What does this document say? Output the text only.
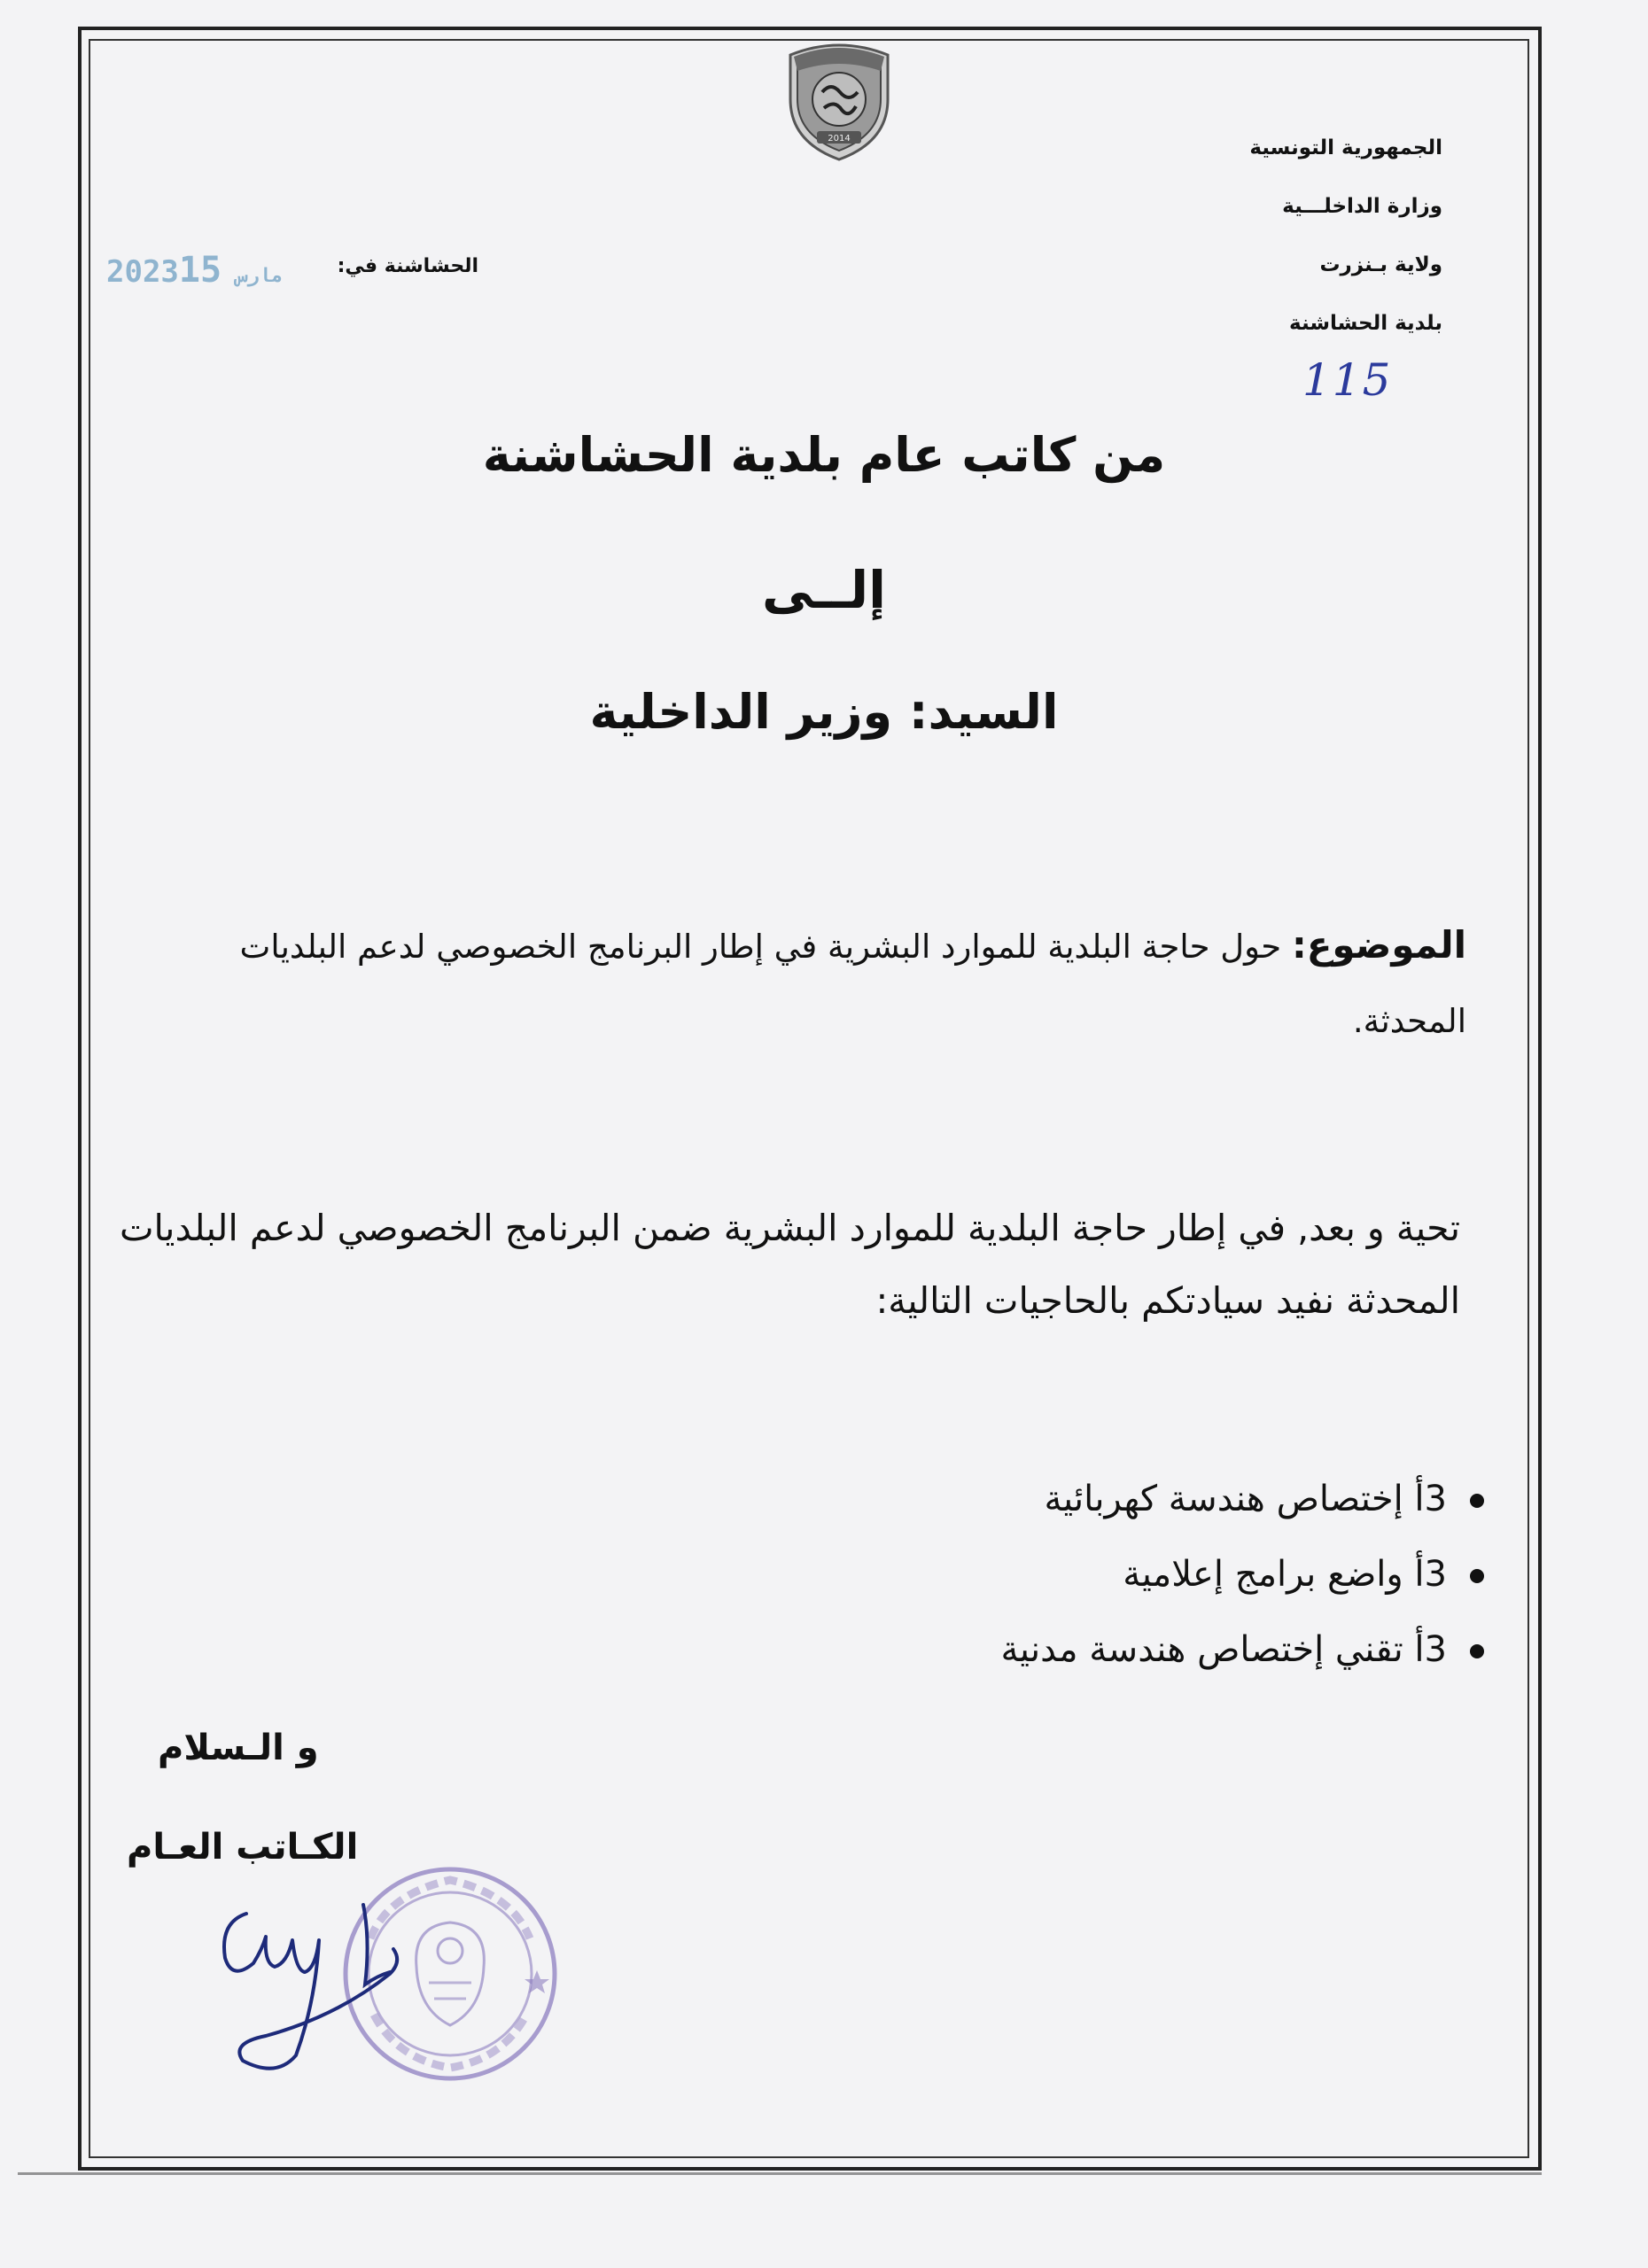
2014	الجمهورية التونسية
وزارة الداخلـــية
ولاية بـنزرت
بلدية الحشاشنة
115
الحشاشنة في:
2023	مارس15
من كاتب عام بلدية الحشاشنة
إلــى
السيد: وزير الداخلية
الموضوع: حول حاجة البلدية للموارد البشرية في إطار البرنامج الخصوصي لدعم البلديات المحدثة.
تحية و بعد, في إطار حاجة البلدية للموارد البشرية ضمن البرنامج الخصوصي لدعم البلديات المحدثة نفيد سيادتكم بالحاجيات التالية:
3أ إختصاص هندسة كهربائية
3أ واضع برامج إعلامية
3أ تقني إختصاص هندسة مدنية
و الـسلام
الكـاتب العـام
